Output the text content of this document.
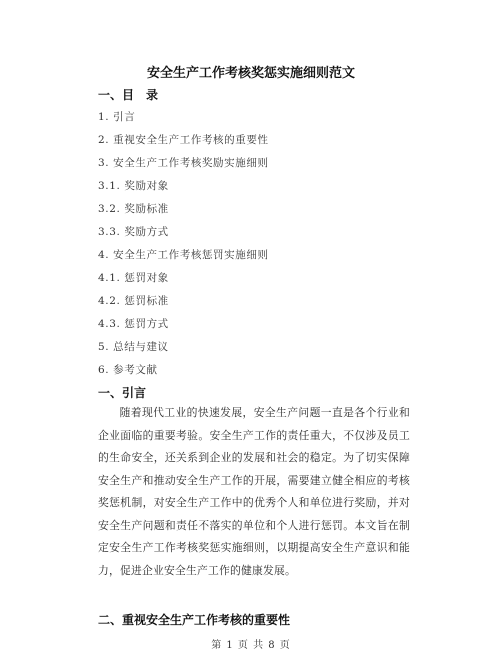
安全生产工作考核奖惩实施细则范文
一、目　录
1. 引言
2. 重视安全生产工作考核的重要性
3. 安全生产工作考核奖励实施细则
3.1. 奖励对象
3.2. 奖励标准
3.3. 奖励方式
4. 安全生产工作考核惩罚实施细则
4.1. 惩罚对象
4.2. 惩罚标准
4.3. 惩罚方式
5. 总结与建议
6. 参考文献
一、引言
随着现代工业的快速发展，安全生产问题一直是各个行业和企业面临的重要考验。安全生产工作的责任重大，不仅涉及员工的生命安全，还关系到企业的发展和社会的稳定。为了切实保障安全生产和推动安全生产工作的开展，需要建立健全相应的考核奖惩机制，对安全生产工作中的优秀个人和单位进行奖励，并对安全生产问题和责任不落实的单位和个人进行惩罚。本文旨在制定安全生产工作考核奖惩实施细则，以期提高安全生产意识和能力，促进企业安全生产工作的健康发展。
二、重视安全生产工作考核的重要性
第 1 页 共 8 页
